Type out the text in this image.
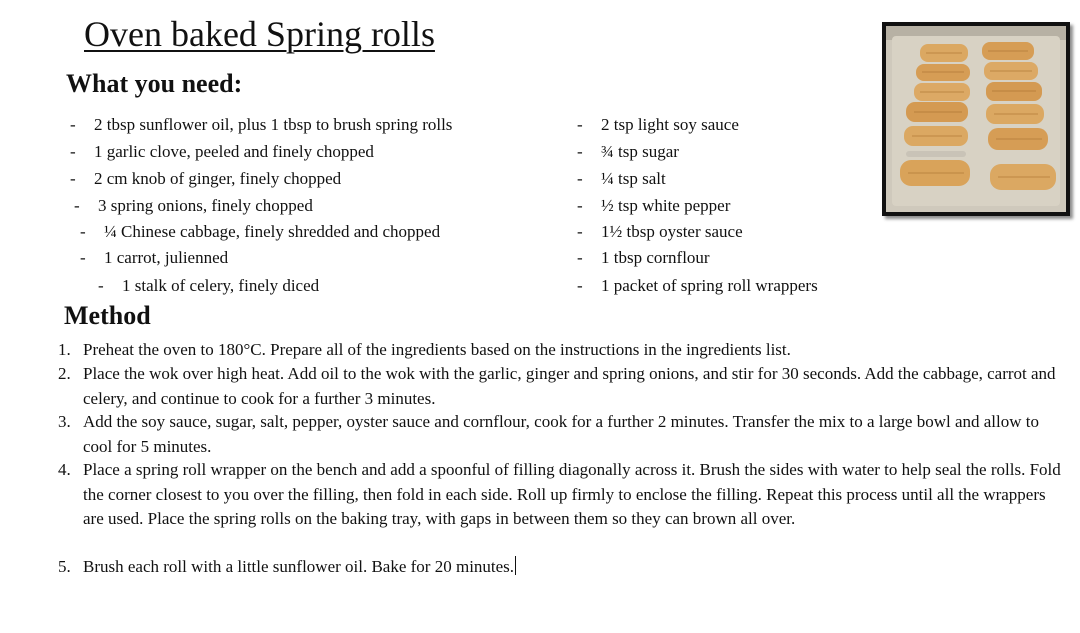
Oven baked Spring rolls
What you need:
- 2 tbsp sunflower oil, plus 1 tbsp to brush spring rolls
- 1 garlic clove, peeled and finely chopped
- 2 cm knob of ginger, finely chopped
- 3 spring onions, finely chopped
- ¼ Chinese cabbage, finely shredded and chopped
- 1 carrot, julienned
- 1 stalk of celery, finely diced
- 2 tsp light soy sauce
- ¾ tsp sugar
- ¼ tsp salt
- ½ tsp white pepper
- 1½ tbsp oyster sauce
- 1 tbsp cornflour
- 1 packet of spring roll wrappers
Method
1. Preheat the oven to 180°C. Prepare all of the ingredients based on the instructions in the ingredients list.
2. Place the wok over high heat. Add oil to the wok with the garlic, ginger and spring onions, and stir for 30 seconds. Add the cabbage, carrot and celery, and continue to cook for a further 3 minutes.
3. Add the soy sauce, sugar, salt, pepper, oyster sauce and cornflour, cook for a further 2 minutes. Transfer the mix to a large bowl and allow to cool for 5 minutes.
4. Place a spring roll wrapper on the bench and add a spoonful of filling diagonally across it. Brush the sides with water to help seal the rolls. Fold the corner closest to you over the filling, then fold in each side. Roll up firmly to enclose the filling. Repeat this process until all the wrappers are used. Place the spring rolls on the baking tray, with gaps in between them so they can brown all over.
5. Brush each roll with a little sunflower oil. Bake for 20 minutes.
